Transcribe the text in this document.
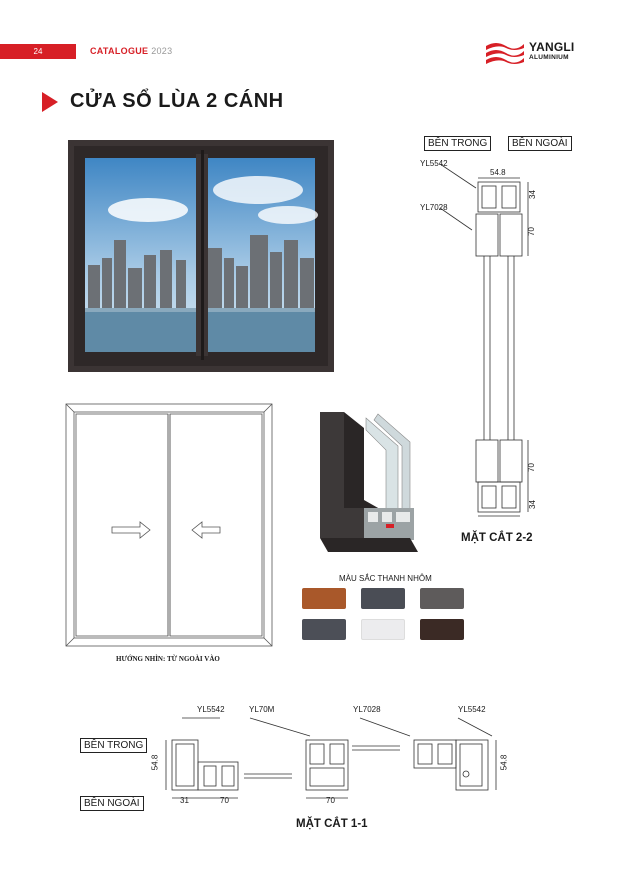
24	CATALOGUE 2023	YANGLI
ALUMINIUM
CỬA SỔ LÙA 2 CÁNH
HƯỚNG NHÌN: TỪ NGOÀI VÀO
BÊN TRONG	BÊN NGOÀI
YL5542
YL7028
54.8
34
70
70
34
MẶT CẮT 2-2
MÀU SẮC THANH NHÔM
YL5542	YL70M	YL7028	YL5542
BÊN TRONG
BÊN NGOÀI
54.8
31	70	70
54.8
MẶT CẮT 1-1
